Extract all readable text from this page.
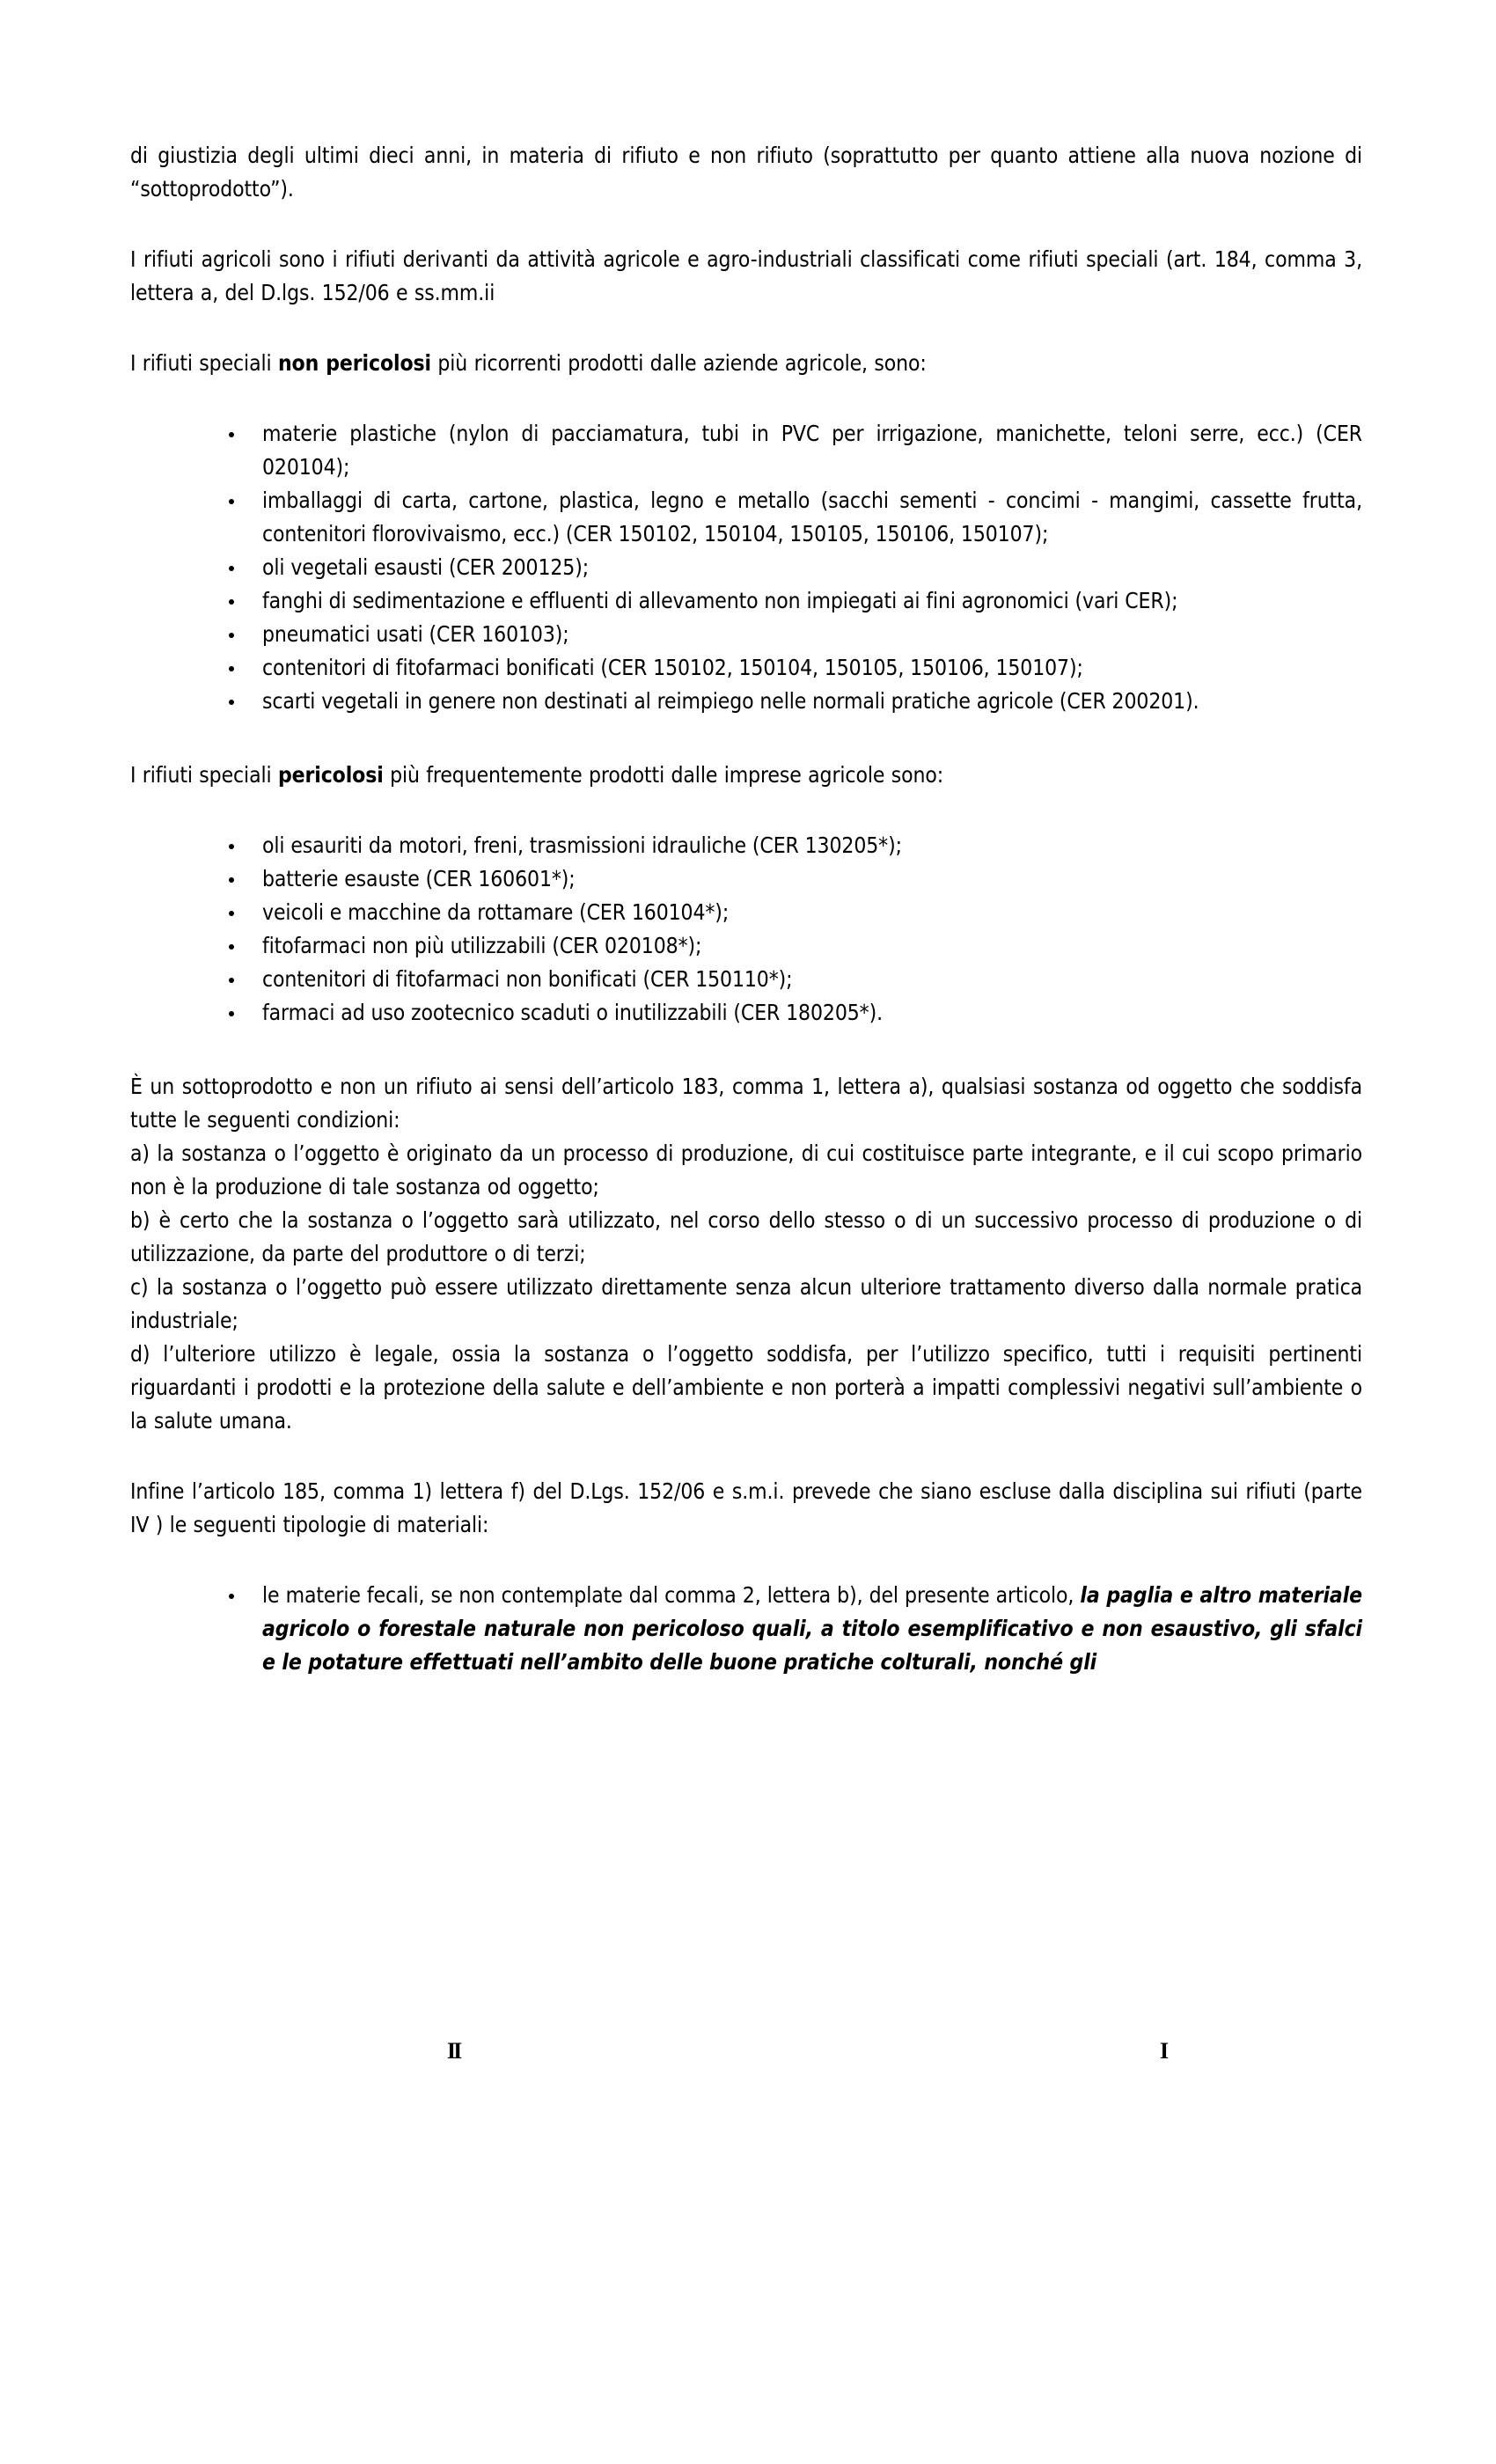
di giustizia degli ultimi dieci anni, in materia di rifiuto e non rifiuto (soprattutto per quanto attiene alla nuova nozione di “sottoprodotto”).

I rifiuti agricoli sono i rifiuti derivanti da attività agricole e agro-industriali classificati come rifiuti speciali (art. 184, comma 3, lettera a, del D.lgs. 152/06 e ss.mm.ii

I rifiuti speciali non pericolosi più ricorrenti prodotti dalle aziende agricole, sono:

materie plastiche (nylon di pacciamatura, tubi in PVC per irrigazione, manichette, teloni serre, ecc.) (CER 020104);
imballaggi di carta, cartone, plastica, legno e metallo (sacchi sementi - concimi - mangimi, cassette frutta, contenitori florovivaismo, ecc.) (CER 150102, 150104, 150105, 150106, 150107);
oli vegetali esausti (CER 200125);
fanghi di sedimentazione e effluenti di allevamento non impiegati ai fini agronomici (vari CER);
pneumatici usati (CER 160103);
contenitori di fitofarmaci bonificati (CER 150102, 150104, 150105, 150106, 150107);
scarti vegetali in genere non destinati al reimpiego nelle normali pratiche agricole (CER 200201).

I rifiuti speciali pericolosi più frequentemente prodotti dalle imprese agricole sono:

oli esauriti da motori, freni, trasmissioni idrauliche (CER 130205*);
batterie esauste (CER 160601*);
veicoli e macchine da rottamare (CER 160104*);
fitofarmaci non più utilizzabili (CER 020108*);
contenitori di fitofarmaci non bonificati (CER 150110*);
farmaci ad uso zootecnico scaduti o inutilizzabili (CER 180205*).

È un sottoprodotto e non un rifiuto ai sensi dell’articolo 183, comma 1, lettera a), qualsiasi sostanza od oggetto che soddisfa tutte le seguenti condizioni:

a) la sostanza o l’oggetto è originato da un processo di produzione, di cui costituisce parte integrante, e il cui scopo primario non è la produzione di tale sostanza od oggetto;

b) è certo che la sostanza o l’oggetto sarà utilizzato, nel corso dello stesso o di un successivo processo di produzione o di utilizzazione, da parte del produttore o di terzi;

c) la sostanza o l’oggetto può essere utilizzato direttamente senza alcun ulteriore trattamento diverso dalla normale pratica industriale;

d) l’ulteriore utilizzo è legale, ossia la sostanza o l’oggetto soddisfa, per l’utilizzo specifico, tutti i requisiti pertinenti riguardanti i prodotti e la protezione della salute e dell’ambiente e non porterà a impatti complessivi negativi sull’ambiente o la salute umana.

Infine l’articolo 185, comma 1) lettera f) del D.Lgs. 152/06 e s.m.i. prevede che siano escluse dalla disciplina sui rifiuti (parte IV ) le seguenti tipologie di materiali:

le materie fecali, se non contemplate dal comma 2, lettera b), del presente articolo, la paglia e altro materiale agricolo o forestale naturale non pericoloso quali, a titolo esemplificativo e non esaustivo, gli sfalci e le potature effettuati nell’ambito delle buone pratiche colturali, nonché gli
II	I
